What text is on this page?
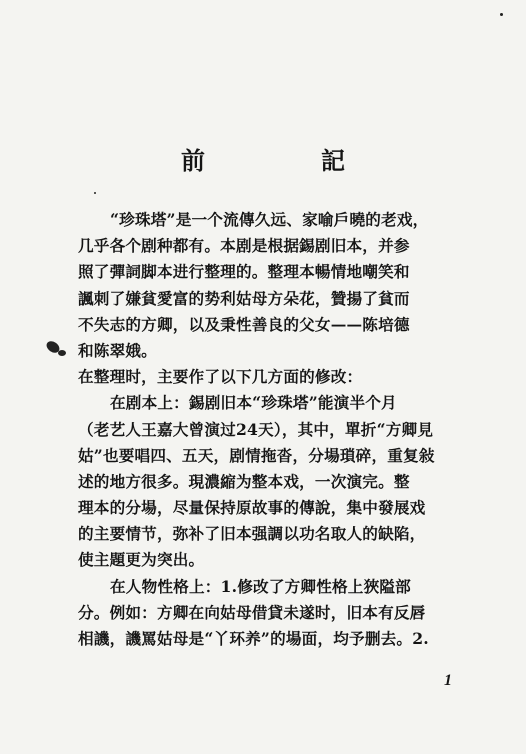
前　記
“珍珠塔”是一个流傳久远、家喻戶曉的老戏，
几乎各个剧种都有。本剧是根据錫剧旧本，并参
照了彈詞脚本进行整理的。整理本暢情地嘲笑和
諷刺了嫌貧愛富的势利姑母方朵花，贊揚了貧而
不失志的方卿，以及秉性善良的父女——陈培德
和陈翠娥。
在整理时，主要作了以下几方面的修改：
在剧本上：錫剧旧本“珍珠塔”能演半个月
（老艺人王嘉大曾演过24天），其中，單折“方卿見
姑”也要唱四、五天，剧情拖沓，分場瑣碎，重复敍
述的地方很多。現濃縮为整本戏，一次演完。整
理本的分場，尽量保持原故事的傳說，集中發展戏
的主要情节，弥补了旧本强調以功名取人的缺陷，
使主題更为突出。
在人物性格上：1.修改了方卿性格上狹隘部
分。例如：方卿在向姑母借貸未遂时，旧本有反唇
相譏，譏罵姑母是“丫环养”的場面，均予删去。2.
1
